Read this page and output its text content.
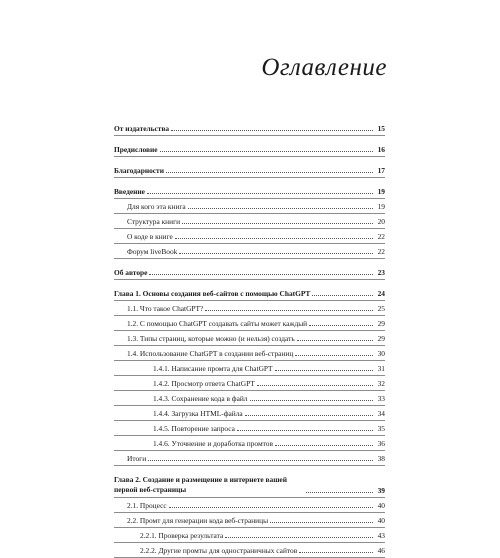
Оглавление
От издательства	15
Предисловие	16
Благодарности	17
Введение	19
Для кого эта книга	19
Структура книги	20
О коде в книге	22
Форум liveBook	22
Об авторе	23
Глава 1. Основы создания веб-сайтов с помощью ChatGPT	24
1.1. Что такое ChatGPT?	25
1.2. С помощью ChatGPT создавать сайты может каждый	29
1.3. Типы страниц, которые можно (и нельзя) создать	29
1.4. Использование ChatGPT в создании веб-страниц	30
1.4.1. Написание промта для ChatGPT	31
1.4.2. Просмотр ответа ChatGPT	32
1.4.3. Сохранение кода в файл	33
1.4.4. Загрузка HTML-файла	34
1.4.5. Повторение запроса	35
1.4.6. Уточнение и доработка промтов	36
Итоги	38
Глава 2. Создание и размещение в интернете вашей первой веб-страницы	39
2.1. Процесс	40
2.2. Промт для генерации кода веб-страницы	40
2.2.1. Проверка результата	43
2.2.2. Другие промты для одностраничных сайтов	46
